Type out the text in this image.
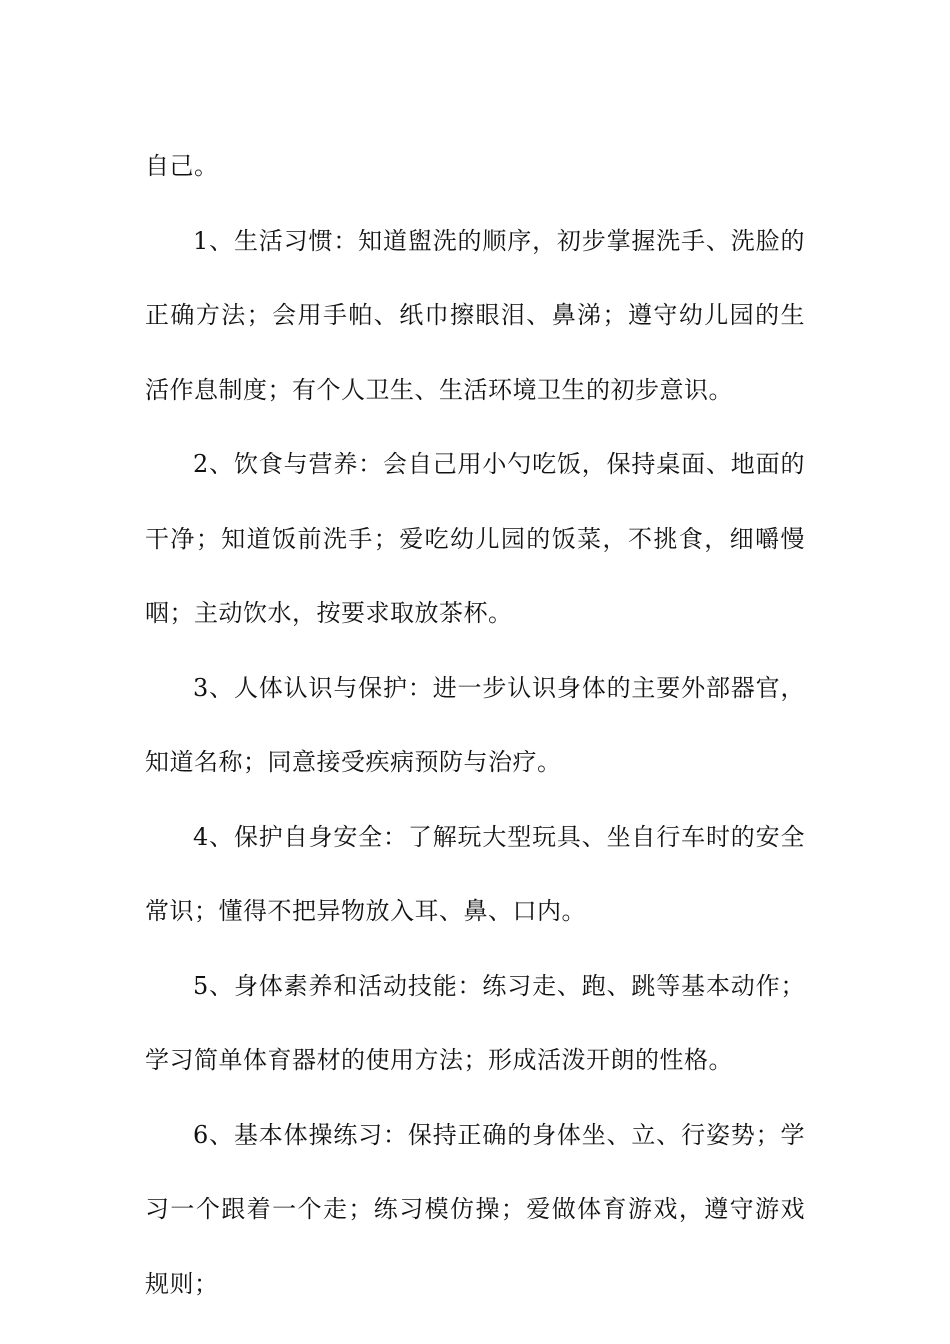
自己。

1、生活习惯：知道盥洗的顺序，初步掌握洗手、洗脸的正确方法；会用手帕、纸巾擦眼泪、鼻涕；遵守幼儿园的生活作息制度；有个人卫生、生活环境卫生的初步意识。

2、饮食与营养：会自己用小勺吃饭，保持桌面、地面的干净；知道饭前洗手；爱吃幼儿园的饭菜，不挑食，细嚼慢咽；主动饮水，按要求取放茶杯。

3、人体认识与保护：进一步认识身体的主要外部器官，知道名称；同意接受疾病预防与治疗。

4、保护自身安全：了解玩大型玩具、坐自行车时的安全常识；懂得不把异物放入耳、鼻、口内。

5、身体素养和活动技能：练习走、跑、跳等基本动作；学习简单体育器材的使用方法；形成活泼开朗的性格。

6、基本体操练习：保持正确的身体坐、立、行姿势；学习一个跟着一个走；练习模仿操；爱做体育游戏，遵守游戏规则；
